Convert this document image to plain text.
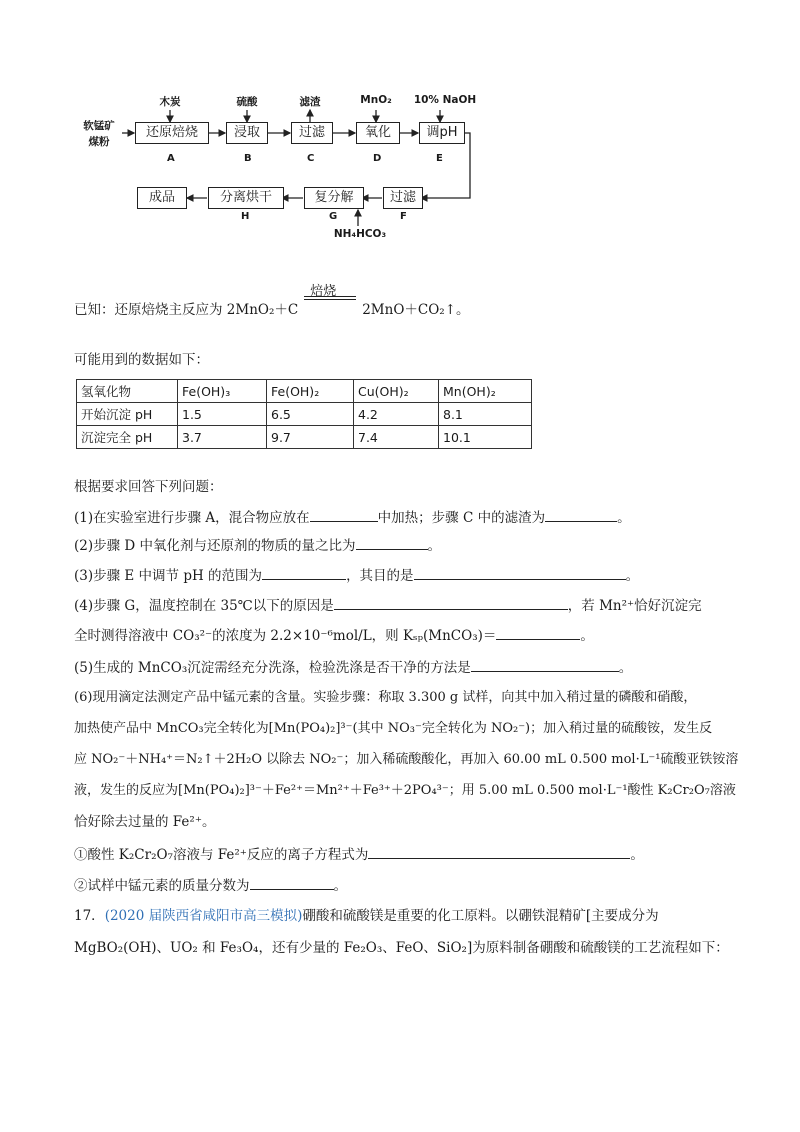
软锰矿
煤粉
木炭	硫酸	滤渣	MnO₂	10% NaOH
NH₄HCO₃
还原焙烧	浸取	过滤	氧化	调pH
A	B	C	D	E
成品	分离烘干	复分解	过滤
H	G	F
已知：还原焙烧主反应为 2MnO₂＋C
焙烧
2MnO＋CO₂↑。
可能用到的数据如下：
氢氧化物	Fe(OH)₃	Fe(OH)₂	Cu(OH)₂	Mn(OH)₂
开始沉淀 pH	1.5	6.5	4.2	8.1
沉淀完全 pH	3.7	9.7	7.4	10.1
根据要求回答下列问题：
(1)在实验室进行步骤 A，混合物应放在	中加热；步骤 C 中的滤渣为	。
(2)步骤 D 中氧化剂与还原剂的物质的量之比为	。
(3)步骤 E 中调节 pH 的范围为	，其目的是	。
(4)步骤 G，温度控制在 35℃以下的原因是	，若 Mn²⁺恰好沉淀完
全时测得溶液中 CO₃²⁻的浓度为 2.2×10⁻⁶mol/L，则 Kₛₚ(MnCO₃)＝	。
(5)生成的 MnCO₃沉淀需经充分洗涤，检验洗涤是否干净的方法是	。
(6)现用滴定法测定产品中锰元素的含量。实验步骤：称取 3.300 g 试样，向其中加入稍过量的磷酸和硝酸，
加热使产品中 MnCO₃完全转化为[Mn(PO₄)₂]³⁻(其中 NO₃⁻完全转化为 NO₂⁻)；加入稍过量的硫酸铵，发生反
应 NO₂⁻＋NH₄⁺＝N₂↑＋2H₂O 以除去 NO₂⁻；加入稀硫酸酸化，再加入 60.00 mL 0.500 mol·L⁻¹硫酸亚铁铵溶
液，发生的反应为[Mn(PO₄)₂]³⁻＋Fe²⁺＝Mn²⁺＋Fe³⁺＋2PO₄³⁻；用 5.00 mL 0.500 mol·L⁻¹酸性 K₂Cr₂O₇溶液
恰好除去过量的 Fe²⁺。
①酸性 K₂Cr₂O₇溶液与 Fe²⁺反应的离子方程式为	。
②试样中锰元素的质量分数为	。
17．(2020 届陕西省咸阳市高三模拟)硼酸和硫酸镁是重要的化工原料。以硼铁混精矿[主要成分为
MgBO₂(OH)、UO₂ 和 Fe₃O₄，还有少量的 Fe₂O₃、FeO、SiO₂]为原料制备硼酸和硫酸镁的工艺流程如下：
